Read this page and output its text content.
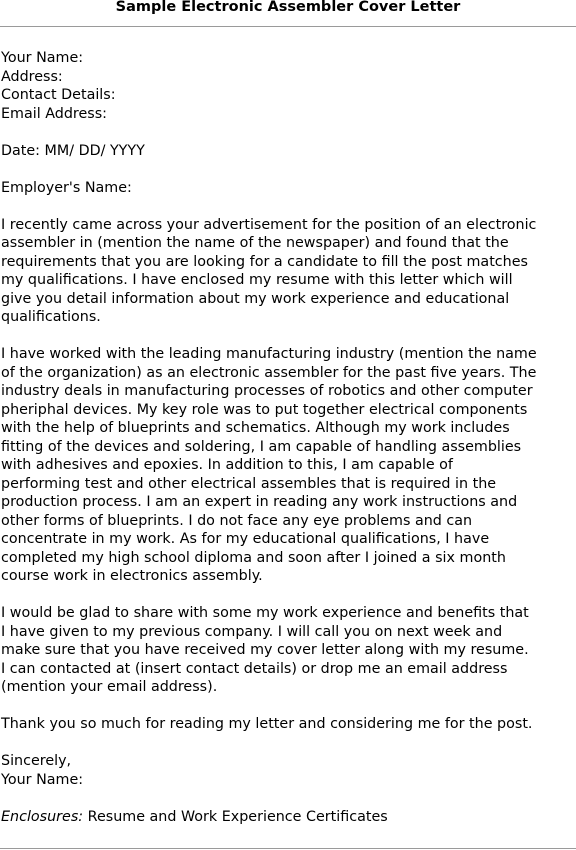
Sample Electronic Assembler Cover Letter
Your Name:
Address:
Contact Details:
Email Address:
Date: MM/ DD/ YYYY
Employer's Name:
I recently came across your advertisement for the position of an electronic
assembler in (mention the name of the newspaper) and found that the
requirements that you are looking for a candidate to fill the post matches
my qualifications. I have enclosed my resume with this letter which will
give you detail information about my work experience and educational
qualifications.
I have worked with the leading manufacturing industry (mention the name
of the organization) as an electronic assembler for the past five years. The
industry deals in manufacturing processes of robotics and other computer
pheriphal devices. My key role was to put together electrical components
with the help of blueprints and schematics. Although my work includes
fitting of the devices and soldering, I am capable of handling assemblies
with adhesives and epoxies. In addition to this, I am capable of
performing test and other electrical assembles that is required in the
production process. I am an expert in reading any work instructions and
other forms of blueprints. I do not face any eye problems and can
concentrate in my work. As for my educational qualifications, I have
completed my high school diploma and soon after I joined a six month
course work in electronics assembly.
I would be glad to share with some my work experience and benefits that
I have given to my previous company. I will call you on next week and
make sure that you have received my cover letter along with my resume.
I can contacted at (insert contact details) or drop me an email address
(mention your email address).
Thank you so much for reading my letter and considering me for the post.
Sincerely,
Your Name:
Enclosures: Resume and Work Experience Certificates
